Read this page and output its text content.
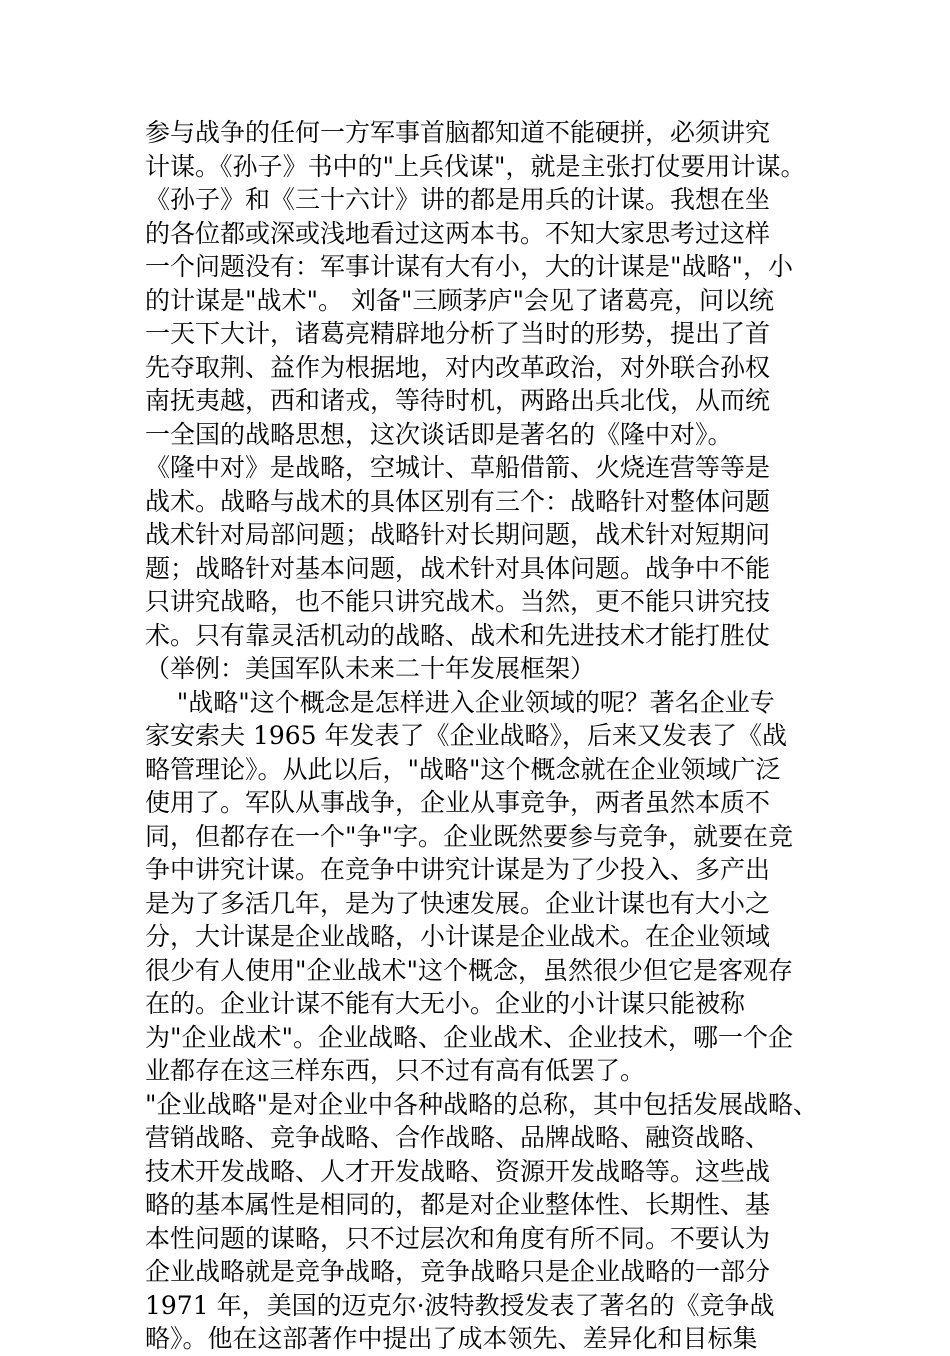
参与战争的任何一方军事首脑都知道不能硬拼，必须讲究
计谋。《孙子》书中的"上兵伐谋"，就是主张打仗要用计谋。
《孙子》和《三十六计》讲的都是用兵的计谋。我想在坐
的各位都或深或浅地看过这两本书。不知大家思考过这样
一个问题没有：军事计谋有大有小，大的计谋是"战略"，小
的计谋是"战术"。 刘备"三顾茅庐"会见了诸葛亮，问以统
一天下大计，诸葛亮精辟地分析了当时的形势，提出了首
先夺取荆、益作为根据地，对内改革政治，对外联合孙权
南抚夷越，西和诸戎，等待时机，两路出兵北伐，从而统
一全国的战略思想，这次谈话即是著名的《隆中对》。
《隆中对》是战略，空城计、草船借箭、火烧连营等等是
战术。战略与战术的具体区别有三个：战略针对整体问题
战术针对局部问题；战略针对长期问题，战术针对短期问
题；战略针对基本问题，战术针对具体问题。战争中不能
只讲究战略，也不能只讲究战术。当然，更不能只讲究技
术。只有靠灵活机动的战略、战术和先进技术才能打胜仗
（举例：美国军队未来二十年发展框架）
"战略"这个概念是怎样进入企业领域的呢？著名企业专
家安索夫 1965 年发表了《企业战略》，后来又发表了《战
略管理论》。从此以后，"战略"这个概念就在企业领域广泛
使用了。军队从事战争，企业从事竞争，两者虽然本质不
同，但都存在一个"争"字。企业既然要参与竞争，就要在竞
争中讲究计谋。在竞争中讲究计谋是为了少投入、多产出
是为了多活几年，是为了快速发展。企业计谋也有大小之
分，大计谋是企业战略，小计谋是企业战术。在企业领域
很少有人使用"企业战术"这个概念，虽然很少但它是客观存
在的。企业计谋不能有大无小。企业的小计谋只能被称
为"企业战术"。企业战略、企业战术、企业技术，哪一个企
业都存在这三样东西，只不过有高有低罢了。
"企业战略"是对企业中各种战略的总称，其中包括发展战略、
营销战略、竞争战略、合作战略、品牌战略、融资战略、
技术开发战略、人才开发战略、资源开发战略等。这些战
略的基本属性是相同的，都是对企业整体性、长期性、基
本性问题的谋略，只不过层次和角度有所不同。不要认为
企业战略就是竞争战略，竞争战略只是企业战略的一部分
1971 年，美国的迈克尔·波特教授发表了著名的《竞争战
略》。他在这部著作中提出了成本领先、差异化和目标集
